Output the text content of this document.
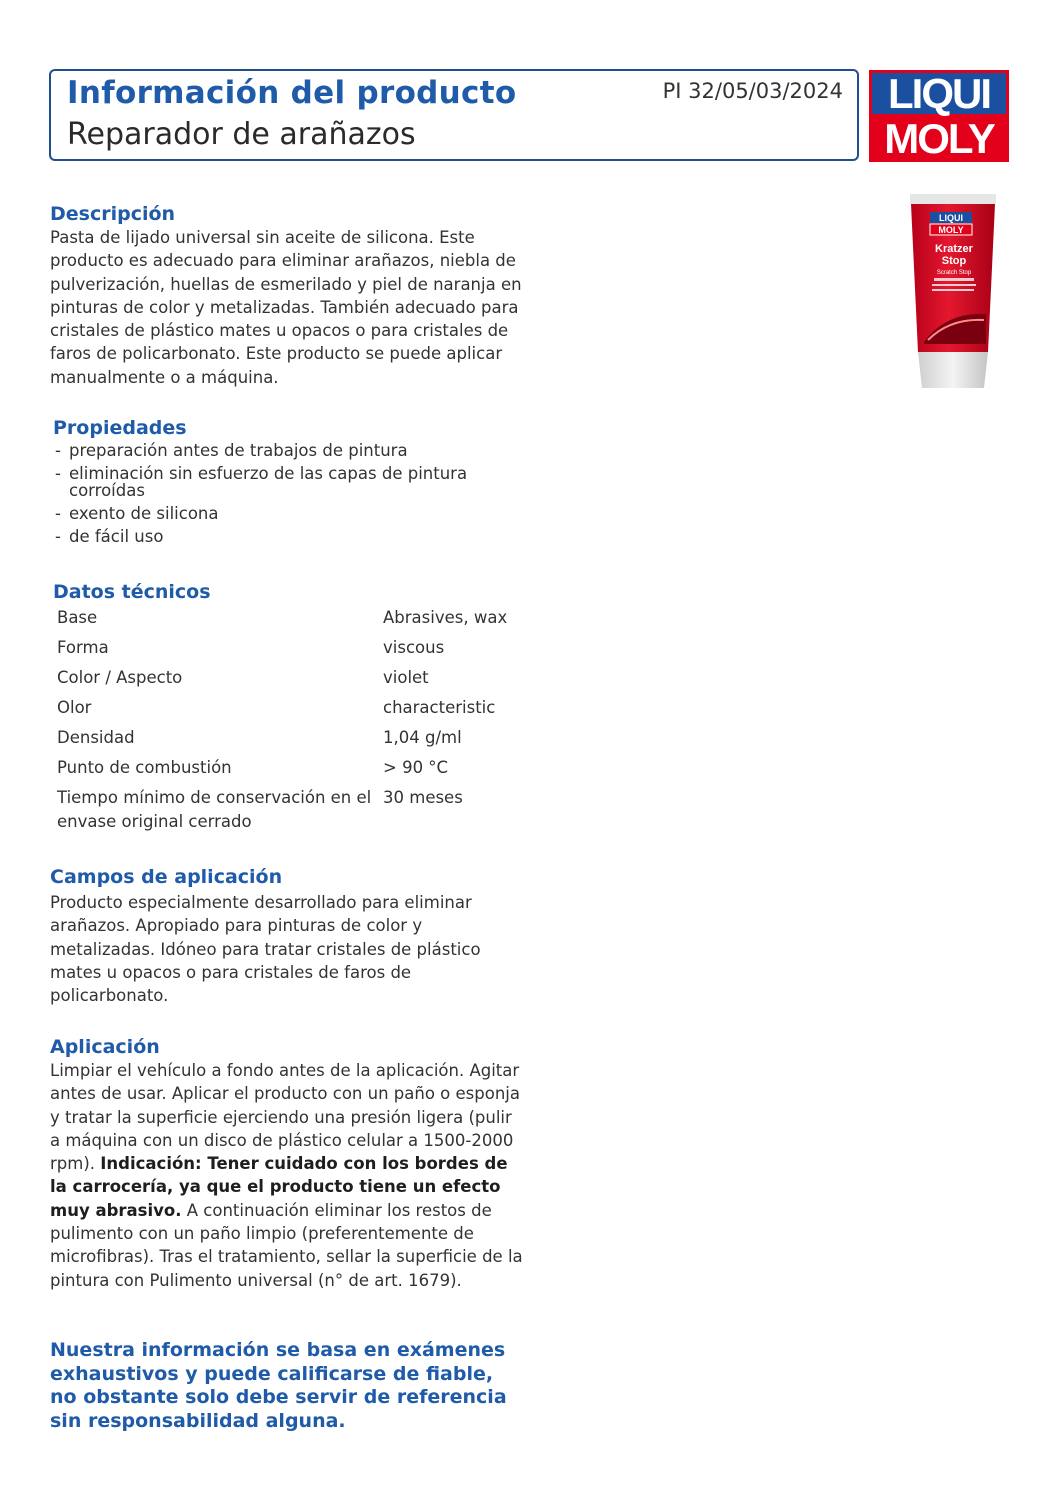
Información del producto
Reparador de arañazos
PI 32/05/03/2024	LIQUI
MOLY
LIQUI
MOLY
Kratzer
Stop
Scratch Stop
Descripción

Pasta de lijado universal sin aceite de silicona. Este producto es adecuado para eliminar arañazos, niebla de pulverización, huellas de esmerilado y piel de naranja en pinturas de color y metalizadas. También adecuado para cristales de plástico mates u opacos o para cristales de faros de policarbonato. Este producto se puede aplicar manualmente o a máquina.

Propiedades
- preparación antes de trabajos de pintura
- eliminación sin esfuerzo de las capas de pintura corroídas
- exento de silicona
- de fácil uso
Datos técnicos
Base	Abrasives, wax
Forma	viscous
Color / Aspecto	violet
Olor	characteristic
Densidad	1,04 g/ml
Punto de combustión	> 90 °C
Tiempo mínimo de conservación en el envase original cerrado	30 meses
Campos de aplicación

Producto especialmente desarrollado para eliminar arañazos. Apropiado para pinturas de color y metalizadas. Idóneo para tratar cristales de plástico mates u opacos o para cristales de faros de policarbonato.

Aplicación

Limpiar el vehículo a fondo antes de la aplicación. Agitar antes de usar. Aplicar el producto con un paño o esponja y tratar la superficie ejerciendo una presión ligera (pulir a máquina con un disco de plástico celular a 1500-2000 rpm). Indicación: Tener cuidado con los bordes de la carrocería, ya que el producto tiene un efecto muy abrasivo. A continuación eliminar los restos de pulimento con un paño limpio (preferentemente de microfibras). Tras el tratamiento, sellar la superficie de la pintura con Pulimento universal (n° de art. 1679).

Nuestra información se basa en exámenes exhaustivos y puede calificarse de fiable, no obstante solo debe servir de referencia sin responsabilidad alguna.
